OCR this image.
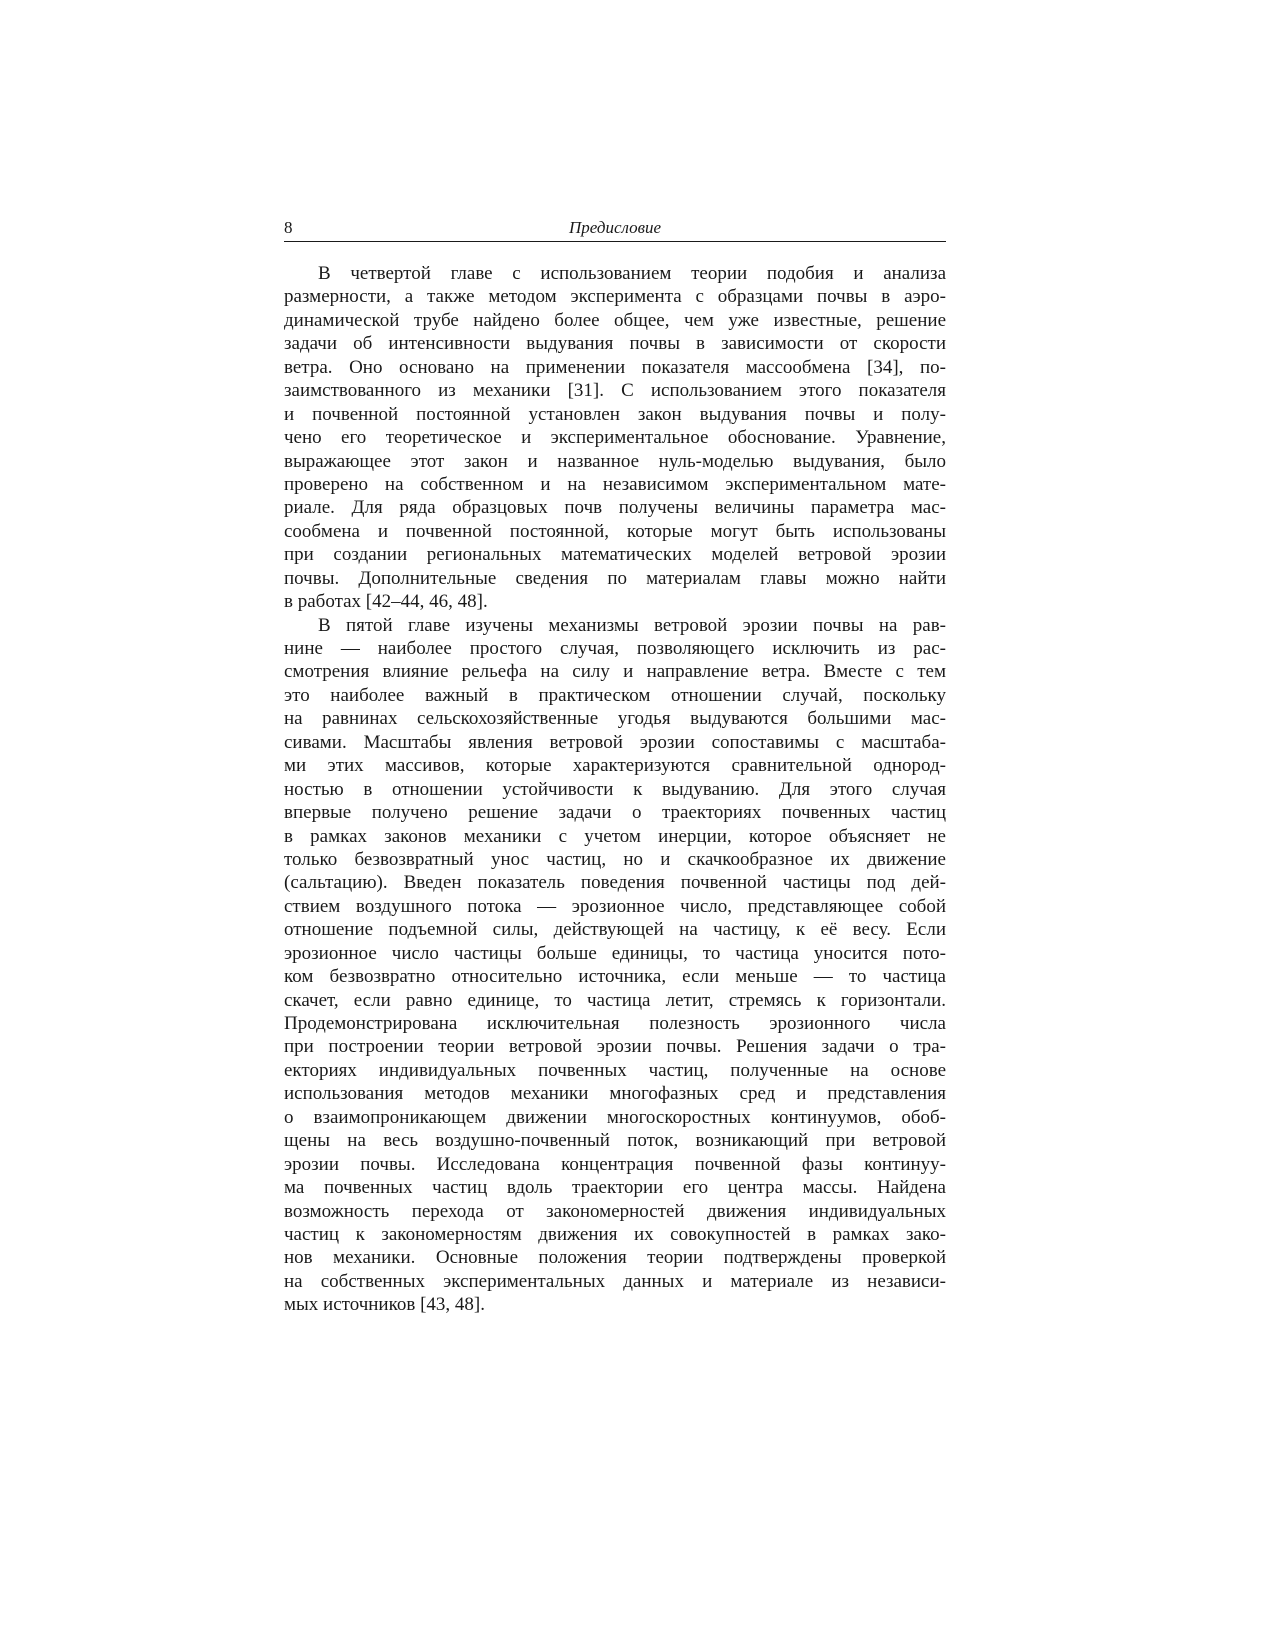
8	Предисловие

В четвертой главе с использованием теории подобия и анализа
размерности, а также методом эксперимента с образцами почвы в аэро-
динамической трубе найдено более общее, чем уже известные, решение
задачи об интенсивности выдувания почвы в зависимости от скорости
ветра. Оно основано на применении показателя массообмена [34], по-
заимствованного из механики [31]. С использованием этого показателя
и почвенной постоянной установлен закон выдувания почвы и полу-
чено его теоретическое и экспериментальное обоснование. Уравнение,
выражающее этот закон и названное нуль-моделью выдувания, было
проверено на собственном и на независимом экспериментальном мате-
риале. Для ряда образцовых почв получены величины параметра мас-
сообмена и почвенной постоянной, которые могут быть использованы
при создании региональных математических моделей ветровой эрозии
почвы. Дополнительные сведения по материалам главы можно найти
в работах [42–44, 46, 48].

В пятой главе изучены механизмы ветровой эрозии почвы на рав-
нине — наиболее простого случая, позволяющего исключить из рас-
смотрения влияние рельефа на силу и направление ветра. Вместе с тем
это наиболее важный в практическом отношении случай, поскольку
на равнинах сельскохозяйственные угодья выдуваются большими мас-
сивами. Масштабы явления ветровой эрозии сопоставимы с масштаба-
ми этих массивов, которые характеризуются сравнительной однород-
ностью в отношении устойчивости к выдуванию. Для этого случая
впервые получено решение задачи о траекториях почвенных частиц
в рамках законов механики с учетом инерции, которое объясняет не
только безвозвратный унос частиц, но и скачкообразное их движение
(сальтацию). Введен показатель поведения почвенной частицы под дей-
ствием воздушного потока — эрозионное число, представляющее собой
отношение подъемной силы, действующей на частицу, к её весу. Если
эрозионное число частицы больше единицы, то частица уносится пото-
ком безвозвратно относительно источника, если меньше — то частица
скачет, если равно единице, то частица летит, стремясь к горизонтали.
Продемонстрирована исключительная полезность эрозионного числа
при построении теории ветровой эрозии почвы. Решения задачи о тра-
екториях индивидуальных почвенных частиц, полученные на основе
использования методов механики многофазных сред и представления
о взаимопроникающем движении многоскоростных континуумов, обоб-
щены на весь воздушно-почвенный поток, возникающий при ветровой
эрозии почвы. Исследована концентрация почвенной фазы континуу-
ма почвенных частиц вдоль траектории его центра массы. Найдена
возможность перехода от закономерностей движения индивидуальных
частиц к закономерностям движения их совокупностей в рамках зако-
нов механики. Основные положения теории подтверждены проверкой
на собственных экспериментальных данных и материале из независи-
мых источников [43, 48].
